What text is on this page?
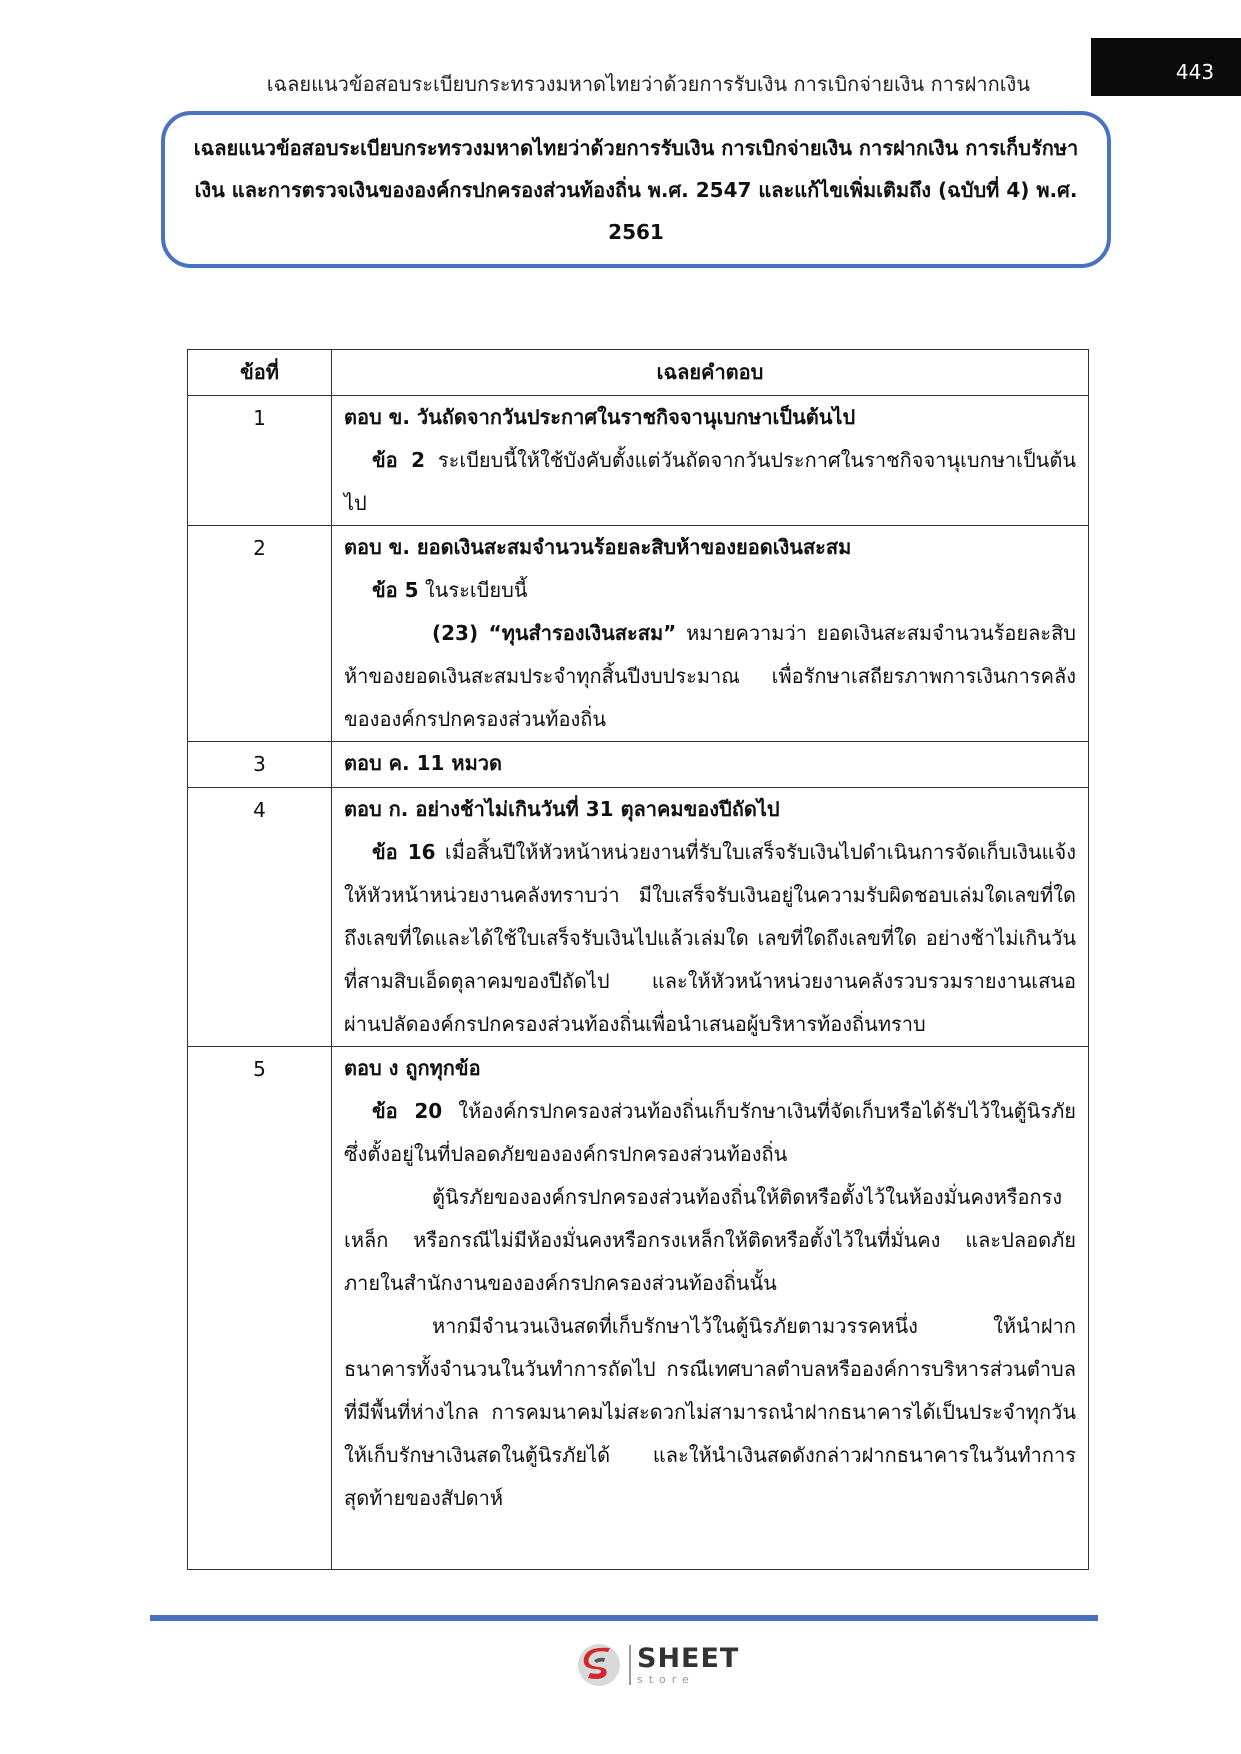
เฉลยแนวข้อสอบระเบียบกระทรวงมหาดไทยว่าด้วยการรับเงิน การเบิกจ่ายเงิน การฝากเงิน	443
เฉลยแนวข้อสอบระเบียบกระทรวงมหาดไทยว่าด้วยการรับเงิน การเบิกจ่ายเงิน การฝากเงิน การเก็บรักษาเงิน และการตรวจเงินขององค์กรปกครองส่วนท้องถิ่น พ.ศ. 2547 และแก้ไขเพิ่มเติมถึง (ฉบับที่ 4) พ.ศ. 2561
ข้อที่	เฉลยคำตอบ
1	ตอบ ข. วันถัดจากวันประกาศในราชกิจจานุเบกษาเป็นต้นไป

ข้อ 2 ระเบียบนี้ให้ใช้บังคับตั้งแต่วันถัดจากวันประกาศในราชกิจจานุเบกษาเป็นต้นไป

2	ตอบ ข. ยอดเงินสะสมจำนวนร้อยละสิบห้าของยอดเงินสะสม

ข้อ 5 ในระเบียบนี้

(23) “ทุนสำรองเงินสะสม” หมายความว่า ยอดเงินสะสมจำนวนร้อยละสิบห้าของยอดเงินสะสมประจำทุกสิ้นปีงบประมาณ เพื่อรักษาเสถียรภาพการเงินการคลังขององค์กรปกครองส่วนท้องถิ่น

3	ตอบ ค. 11 หมวด

4	ตอบ ก. อย่างช้าไม่เกินวันที่ 31 ตุลาคมของปีถัดไป

ข้อ 16 เมื่อสิ้นปีให้หัวหน้าหน่วยงานที่รับใบเสร็จรับเงินไปดำเนินการจัดเก็บเงินแจ้งให้หัวหน้าหน่วยงานคลังทราบว่า มีใบเสร็จรับเงินอยู่ในความรับผิดชอบเล่มใดเลขที่ใดถึงเลขที่ใดและได้ใช้ใบเสร็จรับเงินไปแล้วเล่มใด เลขที่ใดถึงเลขที่ใด อย่างช้าไม่เกินวันที่สามสิบเอ็ดตุลาคมของปีถัดไป และให้หัวหน้าหน่วยงานคลังรวบรวมรายงานเสนอผ่านปลัดองค์กรปกครองส่วนท้องถิ่นเพื่อนำเสนอผู้บริหารท้องถิ่นทราบ

5	ตอบ ง ถูกทุกข้อ

ข้อ 20 ให้องค์กรปกครองส่วนท้องถิ่นเก็บรักษาเงินที่จัดเก็บหรือได้รับไว้ในตู้นิรภัยซึ่งตั้งอยู่ในที่ปลอดภัยขององค์กรปกครองส่วนท้องถิ่น

ตู้นิรภัยขององค์กรปกครองส่วนท้องถิ่นให้ติดหรือตั้งไว้ในห้องมั่นคงหรือกรงเหล็ก หรือกรณีไม่มีห้องมั่นคงหรือกรงเหล็กให้ติดหรือตั้งไว้ในที่มั่นคง และปลอดภัยภายในสำนักงานขององค์กรปกครองส่วนท้องถิ่นนั้น

หากมีจำนวนเงินสดที่เก็บรักษาไว้ในตู้นิรภัยตามวรรคหนึ่ง ให้นำฝากธนาคารทั้งจำนวนในวันทำการถัดไป กรณีเทศบาลตำบลหรือองค์การบริหารส่วนตำบลที่มีพื้นที่ห่างไกล การคมนาคมไม่สะดวกไม่สามารถนำฝากธนาคารได้เป็นประจำทุกวันให้เก็บรักษาเงินสดในตู้นิรภัยได้ และให้นำเงินสดดังกล่าวฝากธนาคารในวันทำการสุดท้ายของสัปดาห์

SHEET
store
